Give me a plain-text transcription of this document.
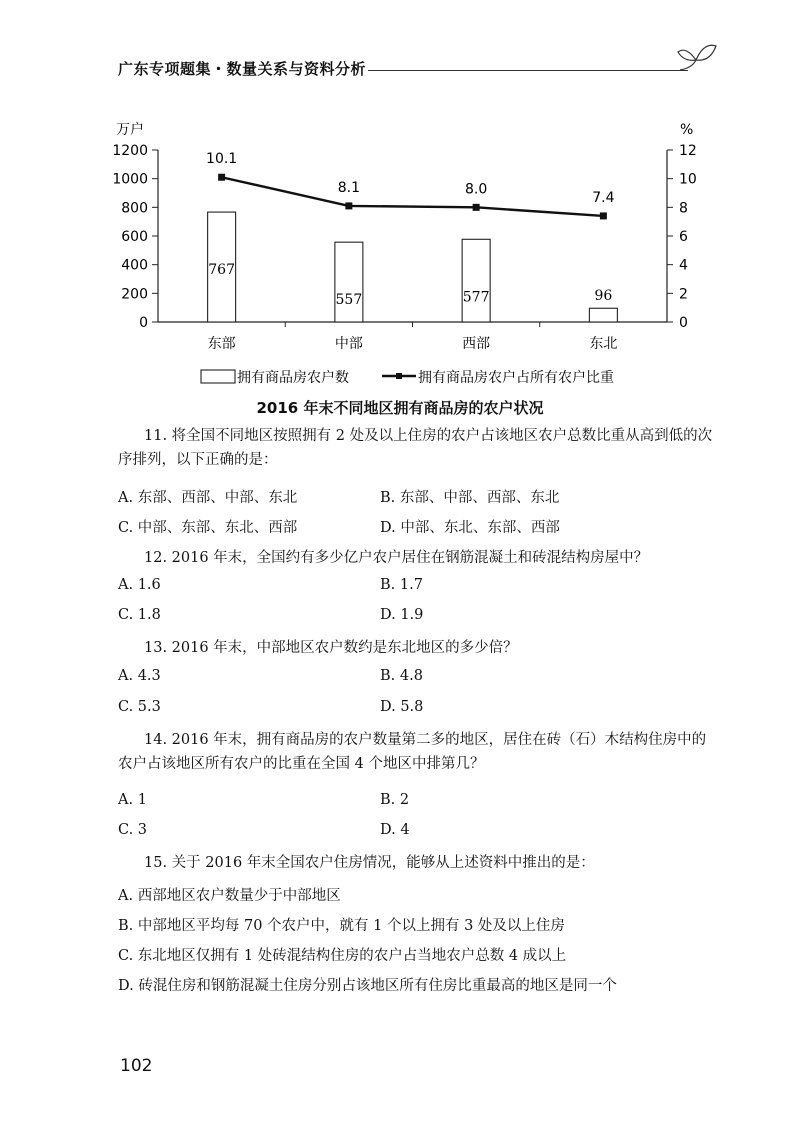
广东专项题集・数量关系与资料分析
万户	%
0
200
400
600
800
1000
1200
0
2
4
6
8
10
12
767
557	577	96
10.1
8.1	8.0
7.4
东部	中部	西部	东北
拥有商品房农户数	拥有商品房农户占所有农户比重
2016 年末不同地区拥有商品房的农户状况
11. 将全国不同地区按照拥有 2 处及以上住房的农户占该地区农户总数比重从高到低的次序排列，以下正确的是：
A. 东部、西部、中部、东北	B. 东部、中部、西部、东北
C. 中部、东部、东北、西部	D. 中部、东北、东部、西部
12. 2016 年末，全国约有多少亿户农户居住在钢筋混凝土和砖混结构房屋中？
A. 1.6	B. 1.7
C. 1.8	D. 1.9
13. 2016 年末，中部地区农户数约是东北地区的多少倍？
A. 4.3	B. 4.8
C. 5.3	D. 5.8
14. 2016 年末，拥有商品房的农户数量第二多的地区，居住在砖（石）木结构住房中的农户占该地区所有农户的比重在全国 4 个地区中排第几？
A. 1	B. 2
C. 3	D. 4
15. 关于 2016 年末全国农户住房情况，能够从上述资料中推出的是：
A. 西部地区农户数量少于中部地区
B. 中部地区平均每 70 个农户中，就有 1 个以上拥有 3 处及以上住房
C. 东北地区仅拥有 1 处砖混结构住房的农户占当地农户总数 4 成以上
D. 砖混住房和钢筋混凝土住房分别占该地区所有住房比重最高的地区是同一个
102
